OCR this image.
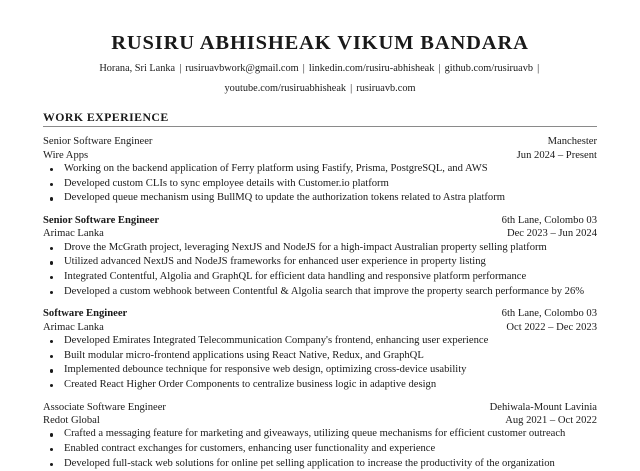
RUSIRU ABHISHEAK VIKUM BANDARA
Horana, Sri Lanka | rusiruavbwork@gmail.com | linkedin.com/rusiru-abhisheak | github.com/rusiruavb |
youtube.com/rusiruabhisheak | rusiruavb.com
WORK EXPERIENCE
Senior Software Engineer	Manchester
Wire Apps	Jun 2024 – Present
Working on the backend application of Ferry platform using Fastify, Prisma, PostgreSQL, and AWS
Developed custom CLIs to sync employee details with Customer.io platform
Developed queue mechanism using BullMQ to update the authorization tokens related to Astra platform
Senior Software Engineer	6th Lane, Colombo 03
Arimac Lanka	Dec 2023 – Jun 2024
Drove the McGrath project, leveraging NextJS and NodeJS for a high-impact Australian property selling platform
Utilized advanced NextJS and NodeJS frameworks for enhanced user experience in property listing
Integrated Contentful, Algolia and GraphQL for efficient data handling and responsive platform performance
Developed a custom webhook between Contentful & Algolia search that improve the property search performance by 26%
Software Engineer	6th Lane, Colombo 03
Arimac Lanka	Oct 2022 – Dec 2023
Developed Emirates Integrated Telecommunication Company's frontend, enhancing user experience
Built modular micro-frontend applications using React Native, Redux, and GraphQL
Implemented debounce technique for responsive web design, optimizing cross-device usability
Created React Higher Order Components to centralize business logic in adaptive design
Associate Software Engineer	Dehiwala-Mount Lavinia
Redot Global	Aug 2021 – Oct 2022
Crafted a messaging feature for marketing and giveaways, utilizing queue mechanisms for efficient customer outreach
Enabled contract exchanges for customers, enhancing user functionality and experience
Developed full-stack web solutions for online pet selling application to increase the productivity of the organization
